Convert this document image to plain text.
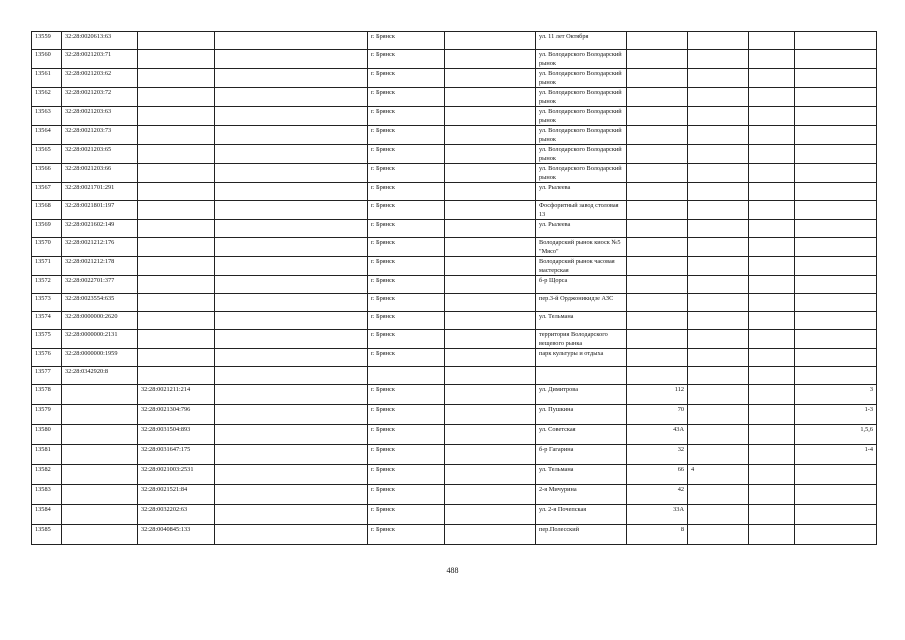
13559	32:28:0020613:63			г. Брянск		ул. 11 лет Октября				
13560	32:28:0021203:71			г. Брянск		ул. Володарского Володарский рынок				
13561	32:28:0021203:62			г. Брянск		ул. Володарского Володарский рынок				
13562	32:28:0021203:72			г. Брянск		ул. Володарского Володарский рынок				
13563	32:28:0021203:63			г. Брянск		ул. Володарского Володарский рынок				
13564	32:28:0021203:73			г. Брянск		ул. Володарского Володарский рынок				
13565	32:28:0021203:65			г. Брянск		ул. Володарского Володарский рынок				
13566	32:28:0021203:66			г. Брянск		ул. Володарского Володарский рынок				
13567	32:28:0021701:291			г. Брянск		ул. Рылеева				
13568	32:28:0021801:197			г. Брянск		Фосфоритный завод столовая 13				
13569	32:28:0021602:149			г. Брянск		ул. Рылеева				
13570	32:28:0021212:176			г. Брянск		Володарский рынок киоск №5 "Мясо"				
13571	32:28:0021212:178			г. Брянск		Володарский рынок часовая мастерская				
13572	32:28:0022701:377			г. Брянск		б-р Щорса				
13573	32:28:0023554:635			г. Брянск		пер.3-й Орджоникидзе АЗС				
13574	32:28:0000000:2620			г. Брянск		ул. Тельмана				
13575	32:28:0000000:2131			г. Брянск		территория Володарского вещевого рынка				
13576	32:28:0000000:1959			г. Брянск		парк культуры и отдыха				
13577	32:28:0342920:8									
13578		32:28:0021211:214		г. Брянск		ул. Димитрова	112			3
13579		32:28:0021304:796		г. Брянск		ул. Пушкина	70			1-3
13580		32:28:0031504:893		г. Брянск		ул. Советская	43А			1,5,6
13581		32:28:0031647:175		г. Брянск		б-р Гагарина	32			1-4
13582		32:28:0021003:2531		г. Брянск		ул. Тельмана	66	4		
13583		32:28:0021521:84		г. Брянск		2-я Мичурина	42			
13584		32:28:0032202:63		г. Брянск		ул. 2-я Почепская	33А			
13585		32:28:0040845:133		г. Брянск		пер.Полесский	8			
488
